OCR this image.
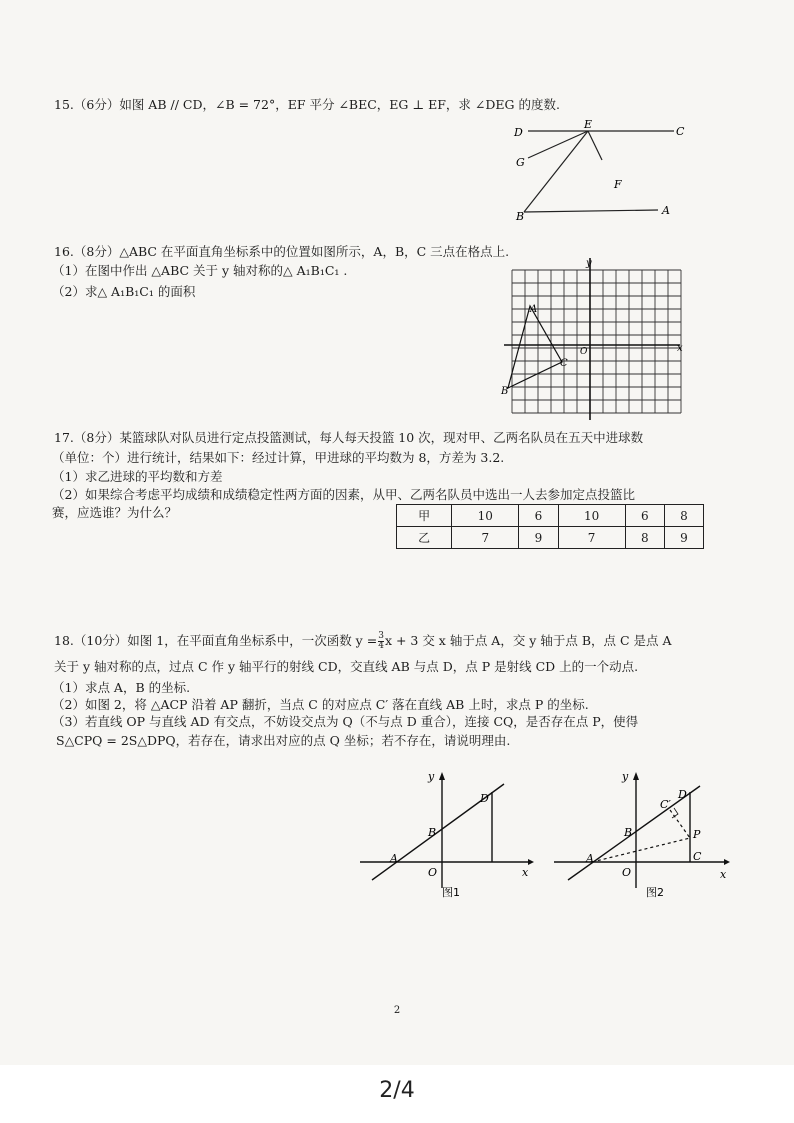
15.（6分）如图 AB // CD，∠B = 72°，EF 平分 ∠BEC，EG ⊥ EF，求 ∠DEG 的度数.
D
E
C
G
F
B	A
16.（8分）△ABC 在平面直角坐标系中的位置如图所示，A，B，C 三点在格点上.
（1）在图中作出 △ABC 关于 y 轴对称的△ A₁B₁C₁ .
（2）求△ A₁B₁C₁ 的面积
y
x
A
B
C
O
17.（8分）某篮球队对队员进行定点投篮测试，每人每天投篮 10 次，现对甲、乙两名队员在五天中进球数
（单位：个）进行统计，结果如下：经过计算，甲进球的平均数为 8，方差为 3.2.
（1）求乙进球的平均数和方差
（2）如果综合考虑平均成绩和成绩稳定性两方面的因素，从甲、乙两名队员中选出一人去参加定点投篮比
赛，应选谁？为什么？	甲	10	6	10	6	8
乙	7	9	7	8	9
18.（10分）如图 1，在平面直角坐标系中，一次函数 $y = \frac{3}{4}$ x + 3 交 x 轴于点 A，交 y 轴于点 B，点 C 是点 A
关于 y 轴对称的点，过点 C 作 y 轴平行的射线 CD，交直线 AB 与点 D，点 P 是射线 CD 上的一个动点.
（1）求点 A，B 的坐标.
（2）如图 2，将 △ACP 沿着 AP 翻折，当点 C 的对应点 C′ 落在直线 AB 上时，求点 P 的坐标.
（3）若直线 OP 与直线 AD 有交点，不妨设交点为 Q（不与点 D 重合），连接 CQ，是否存在点 P，使得
S△CPQ = 2S△DPQ，若存在，请求出对应的点 Q 坐标；若不存在，请说明理由.
y
x
D
B
A
O
图1
y
x
C′
D
B	P
A
O
C
图2
2
2/4
